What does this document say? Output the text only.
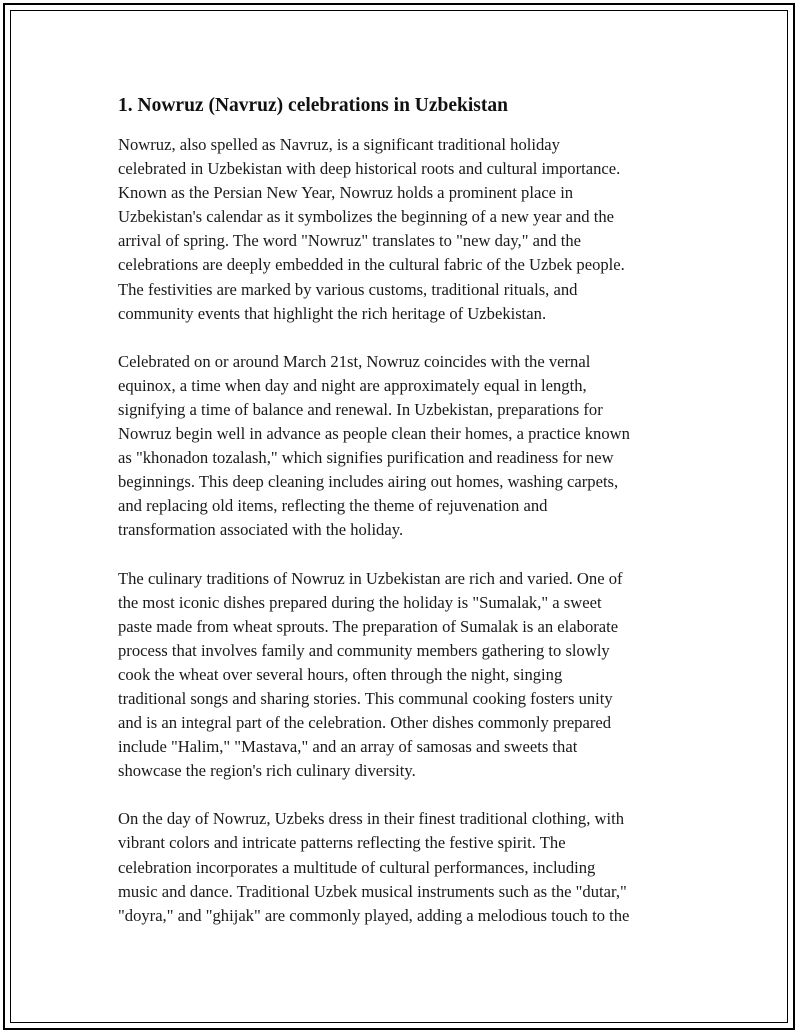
1. Nowruz (Navruz) celebrations in Uzbekistan

Nowruz, also spelled as Navruz, is a significant traditional holiday
celebrated in Uzbekistan with deep historical roots and cultural importance.
Known as the Persian New Year, Nowruz holds a prominent place in
Uzbekistan's calendar as it symbolizes the beginning of a new year and the
arrival of spring. The word "Nowruz" translates to "new day," and the
celebrations are deeply embedded in the cultural fabric of the Uzbek people.
The festivities are marked by various customs, traditional rituals, and
community events that highlight the rich heritage of Uzbekistan.

Celebrated on or around March 21st, Nowruz coincides with the vernal
equinox, a time when day and night are approximately equal in length,
signifying a time of balance and renewal. In Uzbekistan, preparations for
Nowruz begin well in advance as people clean their homes, a practice known
as "khonadon tozalash," which signifies purification and readiness for new
beginnings. This deep cleaning includes airing out homes, washing carpets,
and replacing old items, reflecting the theme of rejuvenation and
transformation associated with the holiday.

The culinary traditions of Nowruz in Uzbekistan are rich and varied. One of
the most iconic dishes prepared during the holiday is "Sumalak," a sweet
paste made from wheat sprouts. The preparation of Sumalak is an elaborate
process that involves family and community members gathering to slowly
cook the wheat over several hours, often through the night, singing
traditional songs and sharing stories. This communal cooking fosters unity
and is an integral part of the celebration. Other dishes commonly prepared
include "Halim," "Mastava," and an array of samosas and sweets that
showcase the region's rich culinary diversity.

On the day of Nowruz, Uzbeks dress in their finest traditional clothing, with
vibrant colors and intricate patterns reflecting the festive spirit. The
celebration incorporates a multitude of cultural performances, including
music and dance. Traditional Uzbek musical instruments such as the "dutar,"
"doyra," and "ghijak" are commonly played, adding a melodious touch to the
